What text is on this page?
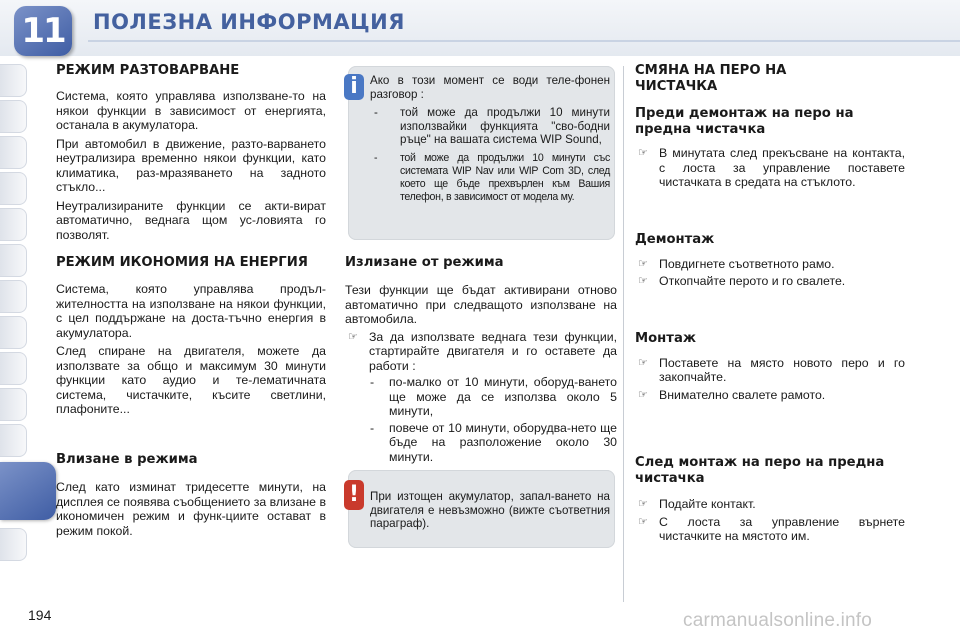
11	ПОЛЕЗНА ИНФОРМАЦИЯ
РЕЖИМ РАЗТОВАРВАНЕ

Система, която управлява използване-то на някои функции в зависимост от енергията, останала в акумулатора.

При автомобил в движение, разто-варването неутрализира временно някои функции, като климатика, раз-мразяването на задното стъкло...

Неутрализираните функции се акти-вират автоматично, веднага щом ус-ловията го позволят.

РЕЖИМ ИКОНОМИЯ НА ЕНЕРГИЯ

Система, която управлява продъл-жителността на използване на някои функции, с цел поддържане на доста-тъчно енергия в акумулатора.

След спиране на двигателя, можете да използвате за общо и максимум 30 минути функции като аудио и те-лематичната система, чистачките, късите светлини, плафоните...

Влизане в режима

След като изминат тридесетте минути, на дисплея се появява съобщението за влизане в икономичен режим и функ-циите остават в режим покой.

i	Ако в този момент се води теле-фонен разговор :
- той може да продължи 10 минути използвайки функцията "сво-бодни ръце" на вашата система WIP Sound,
- той може да продължи 10 минути със системата WIP Nav или WIP Com 3D, след което ще бъде прехвърлен към Вашия телефон, в зависимост от модела му.
Излизане от режима

Тези функции ще бъдат активирани отново автоматично при следващото използване на автомобила.

☞ За да използвате веднага тези функции, стартирайте двигателя и го оставете да работи :
- по-малко от 10 минути, оборуд-ването ще може да се използва около 5 минути,
- повече от 10 минути, оборудва-нето ще бъде на разположение около 30 минути.
! При изтощен акумулатор, запал-ването на двигателя е невъзможно (вижте съответния параграф).
СМЯНА НА ПЕРО НА ЧИСТАЧКА
Преди демонтаж на перо на предна чистачка
☞ В минутата след прекъсване на контакта, с лоста за управление поставете чистачката в средата на стъклото.
Демонтаж
☞ Повдигнете съответното рамо.
☞ Откопчайте перото и го свалете.
Монтаж
☞ Поставете на място новото перо и го закопчайте.
☞ Внимателно свалете рамото.
След монтаж на перо на предна чистачка
☞ Подайте контакт.
☞ С лоста за управление върнете чистачките на мястото им.
194	carmanualsonline.info
